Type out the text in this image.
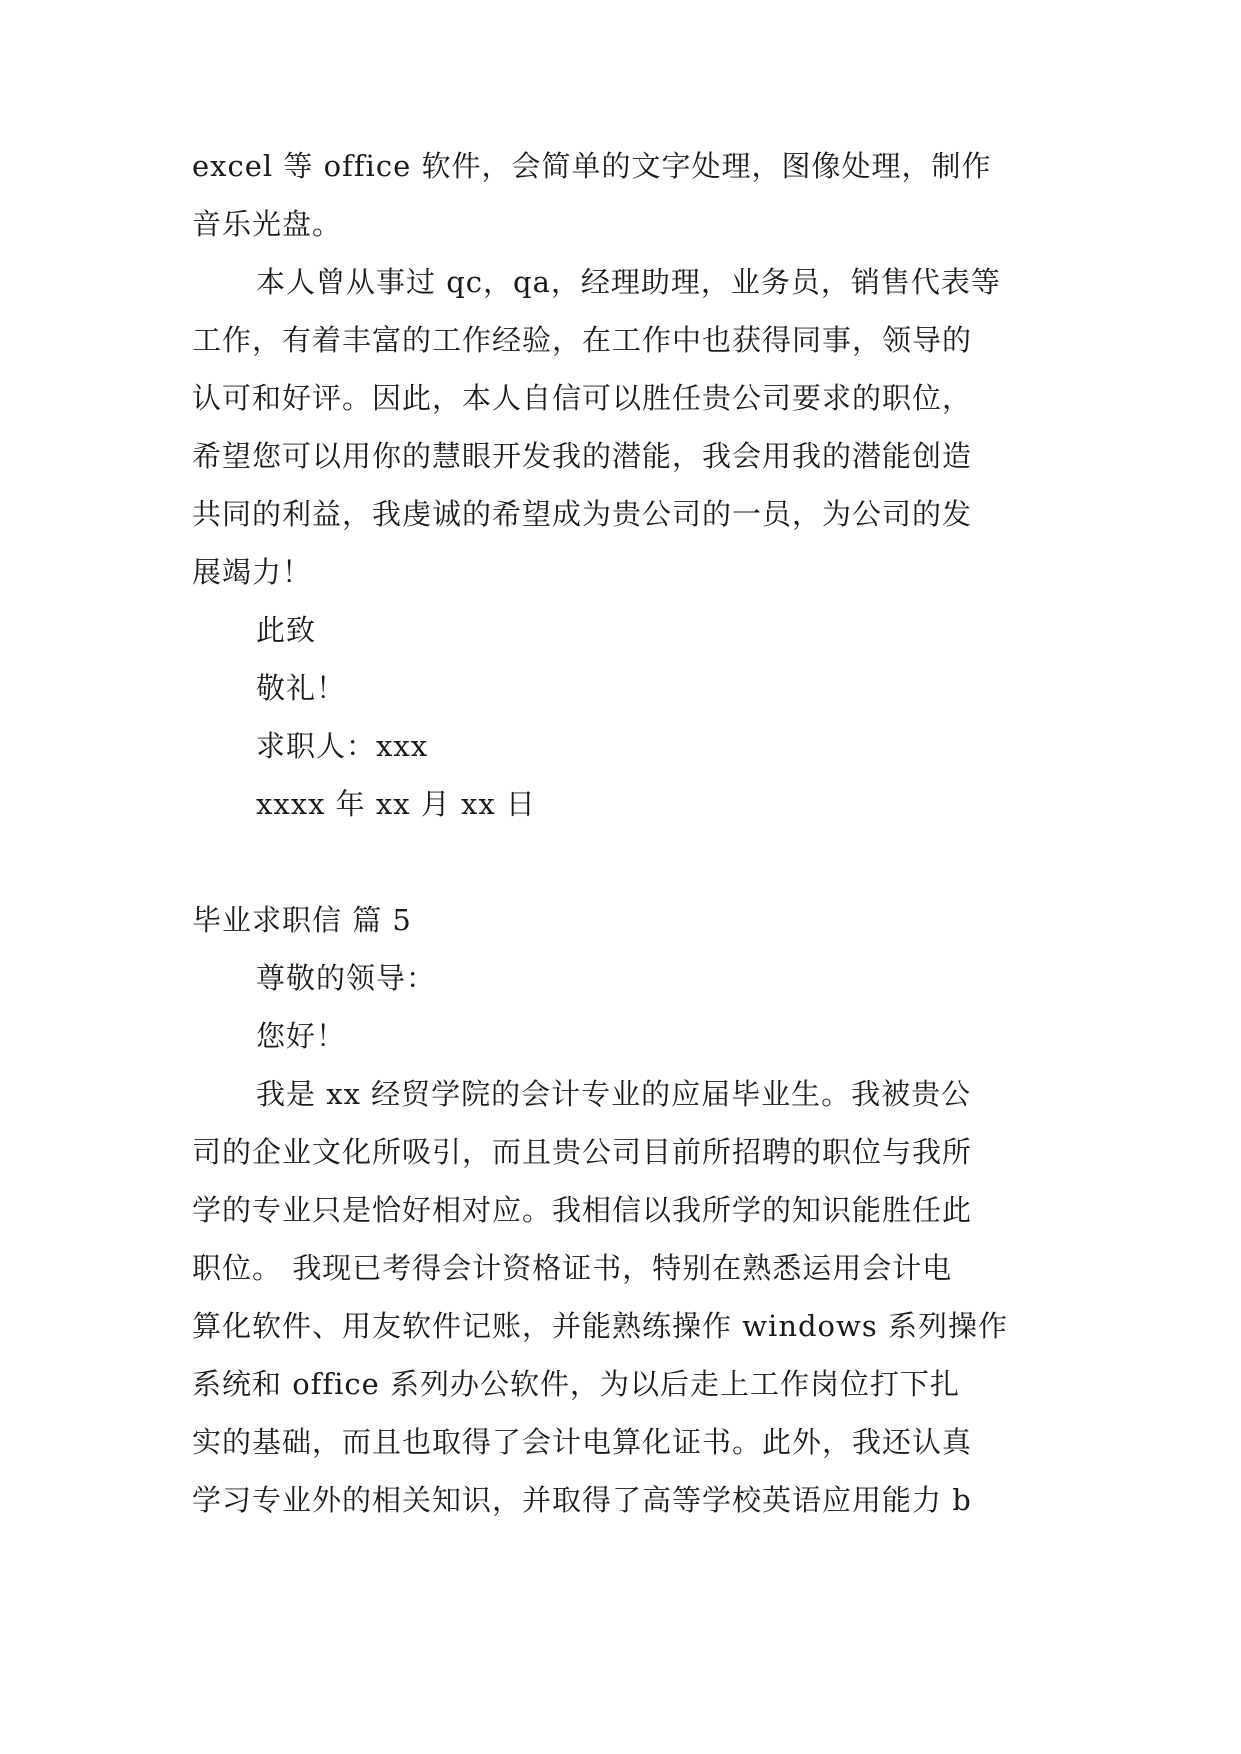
excel 等 office 软件，会简单的文字处理，图像处理，制作
音乐光盘。
本人曾从事过 qc，qa，经理助理，业务员，销售代表等
工作，有着丰富的工作经验，在工作中也获得同事，领导的
认可和好评。因此，本人自信可以胜任贵公司要求的职位，
希望您可以用你的慧眼开发我的潜能，我会用我的潜能创造
共同的利益，我虔诚的希望成为贵公司的一员，为公司的发
展竭力！
此致
敬礼！
求职人：xxx
xxxx 年 xx 月 xx 日
毕业求职信 篇 5
尊敬的领导：
您好！
我是 xx 经贸学院的会计专业的应届毕业生。我被贵公
司的企业文化所吸引，而且贵公司目前所招聘的职位与我所
学的专业只是恰好相对应。我相信以我所学的知识能胜任此
职位。 我现已考得会计资格证书，特别在熟悉运用会计电
算化软件、用友软件记账，并能熟练操作 windows 系列操作
系统和 office 系列办公软件，为以后走上工作岗位打下扎
实的基础，而且也取得了会计电算化证书。此外，我还认真
学习专业外的相关知识，并取得了高等学校英语应用能力 b
